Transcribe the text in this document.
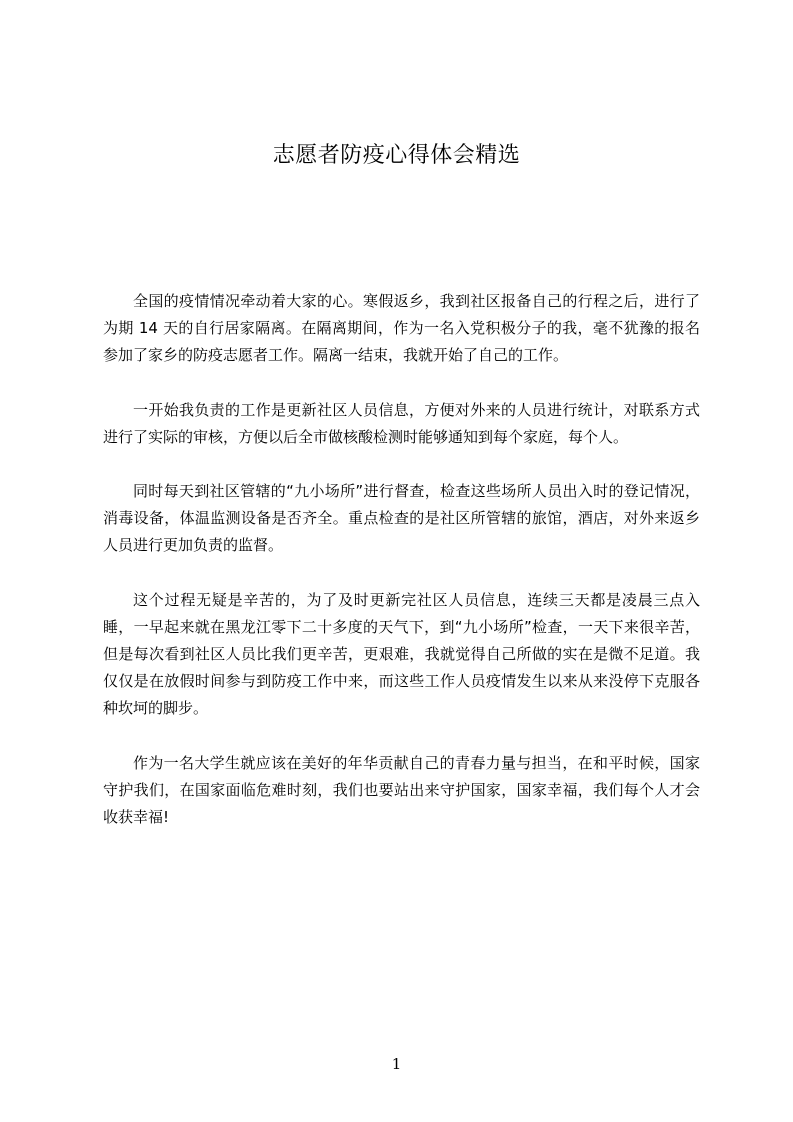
志愿者防疫心得体会精选

全国的疫情情况牵动着大家的心。寒假返乡，我到社区报备自己的行程之后，进行了为期 14 天的自行居家隔离。在隔离期间，作为一名入党积极分子的我，毫不犹豫的报名参加了家乡的防疫志愿者工作。隔离一结束，我就开始了自己的工作。

一开始我负责的工作是更新社区人员信息，方便对外来的人员进行统计，对联系方式进行了实际的审核，方便以后全市做核酸检测时能够通知到每个家庭，每个人。

同时每天到社区管辖的“九小场所”进行督查，检查这些场所人员出入时的登记情况，消毒设备，体温监测设备是否齐全。重点检查的是社区所管辖的旅馆，酒店，对外来返乡人员进行更加负责的监督。

这个过程无疑是辛苦的，为了及时更新完社区人员信息，连续三天都是凌晨三点入睡，一早起来就在黑龙江零下二十多度的天气下，到“九小场所”检查，一天下来很辛苦，但是每次看到社区人员比我们更辛苦，更艰难，我就觉得自己所做的实在是微不足道。我仅仅是在放假时间参与到防疫工作中来，而这些工作人员疫情发生以来从来没停下克服各种坎坷的脚步。

作为一名大学生就应该在美好的年华贡献自己的青春力量与担当，在和平时候，国家守护我们，在国家面临危难时刻，我们也要站出来守护国家，国家幸福，我们每个人才会收获幸福!

1
